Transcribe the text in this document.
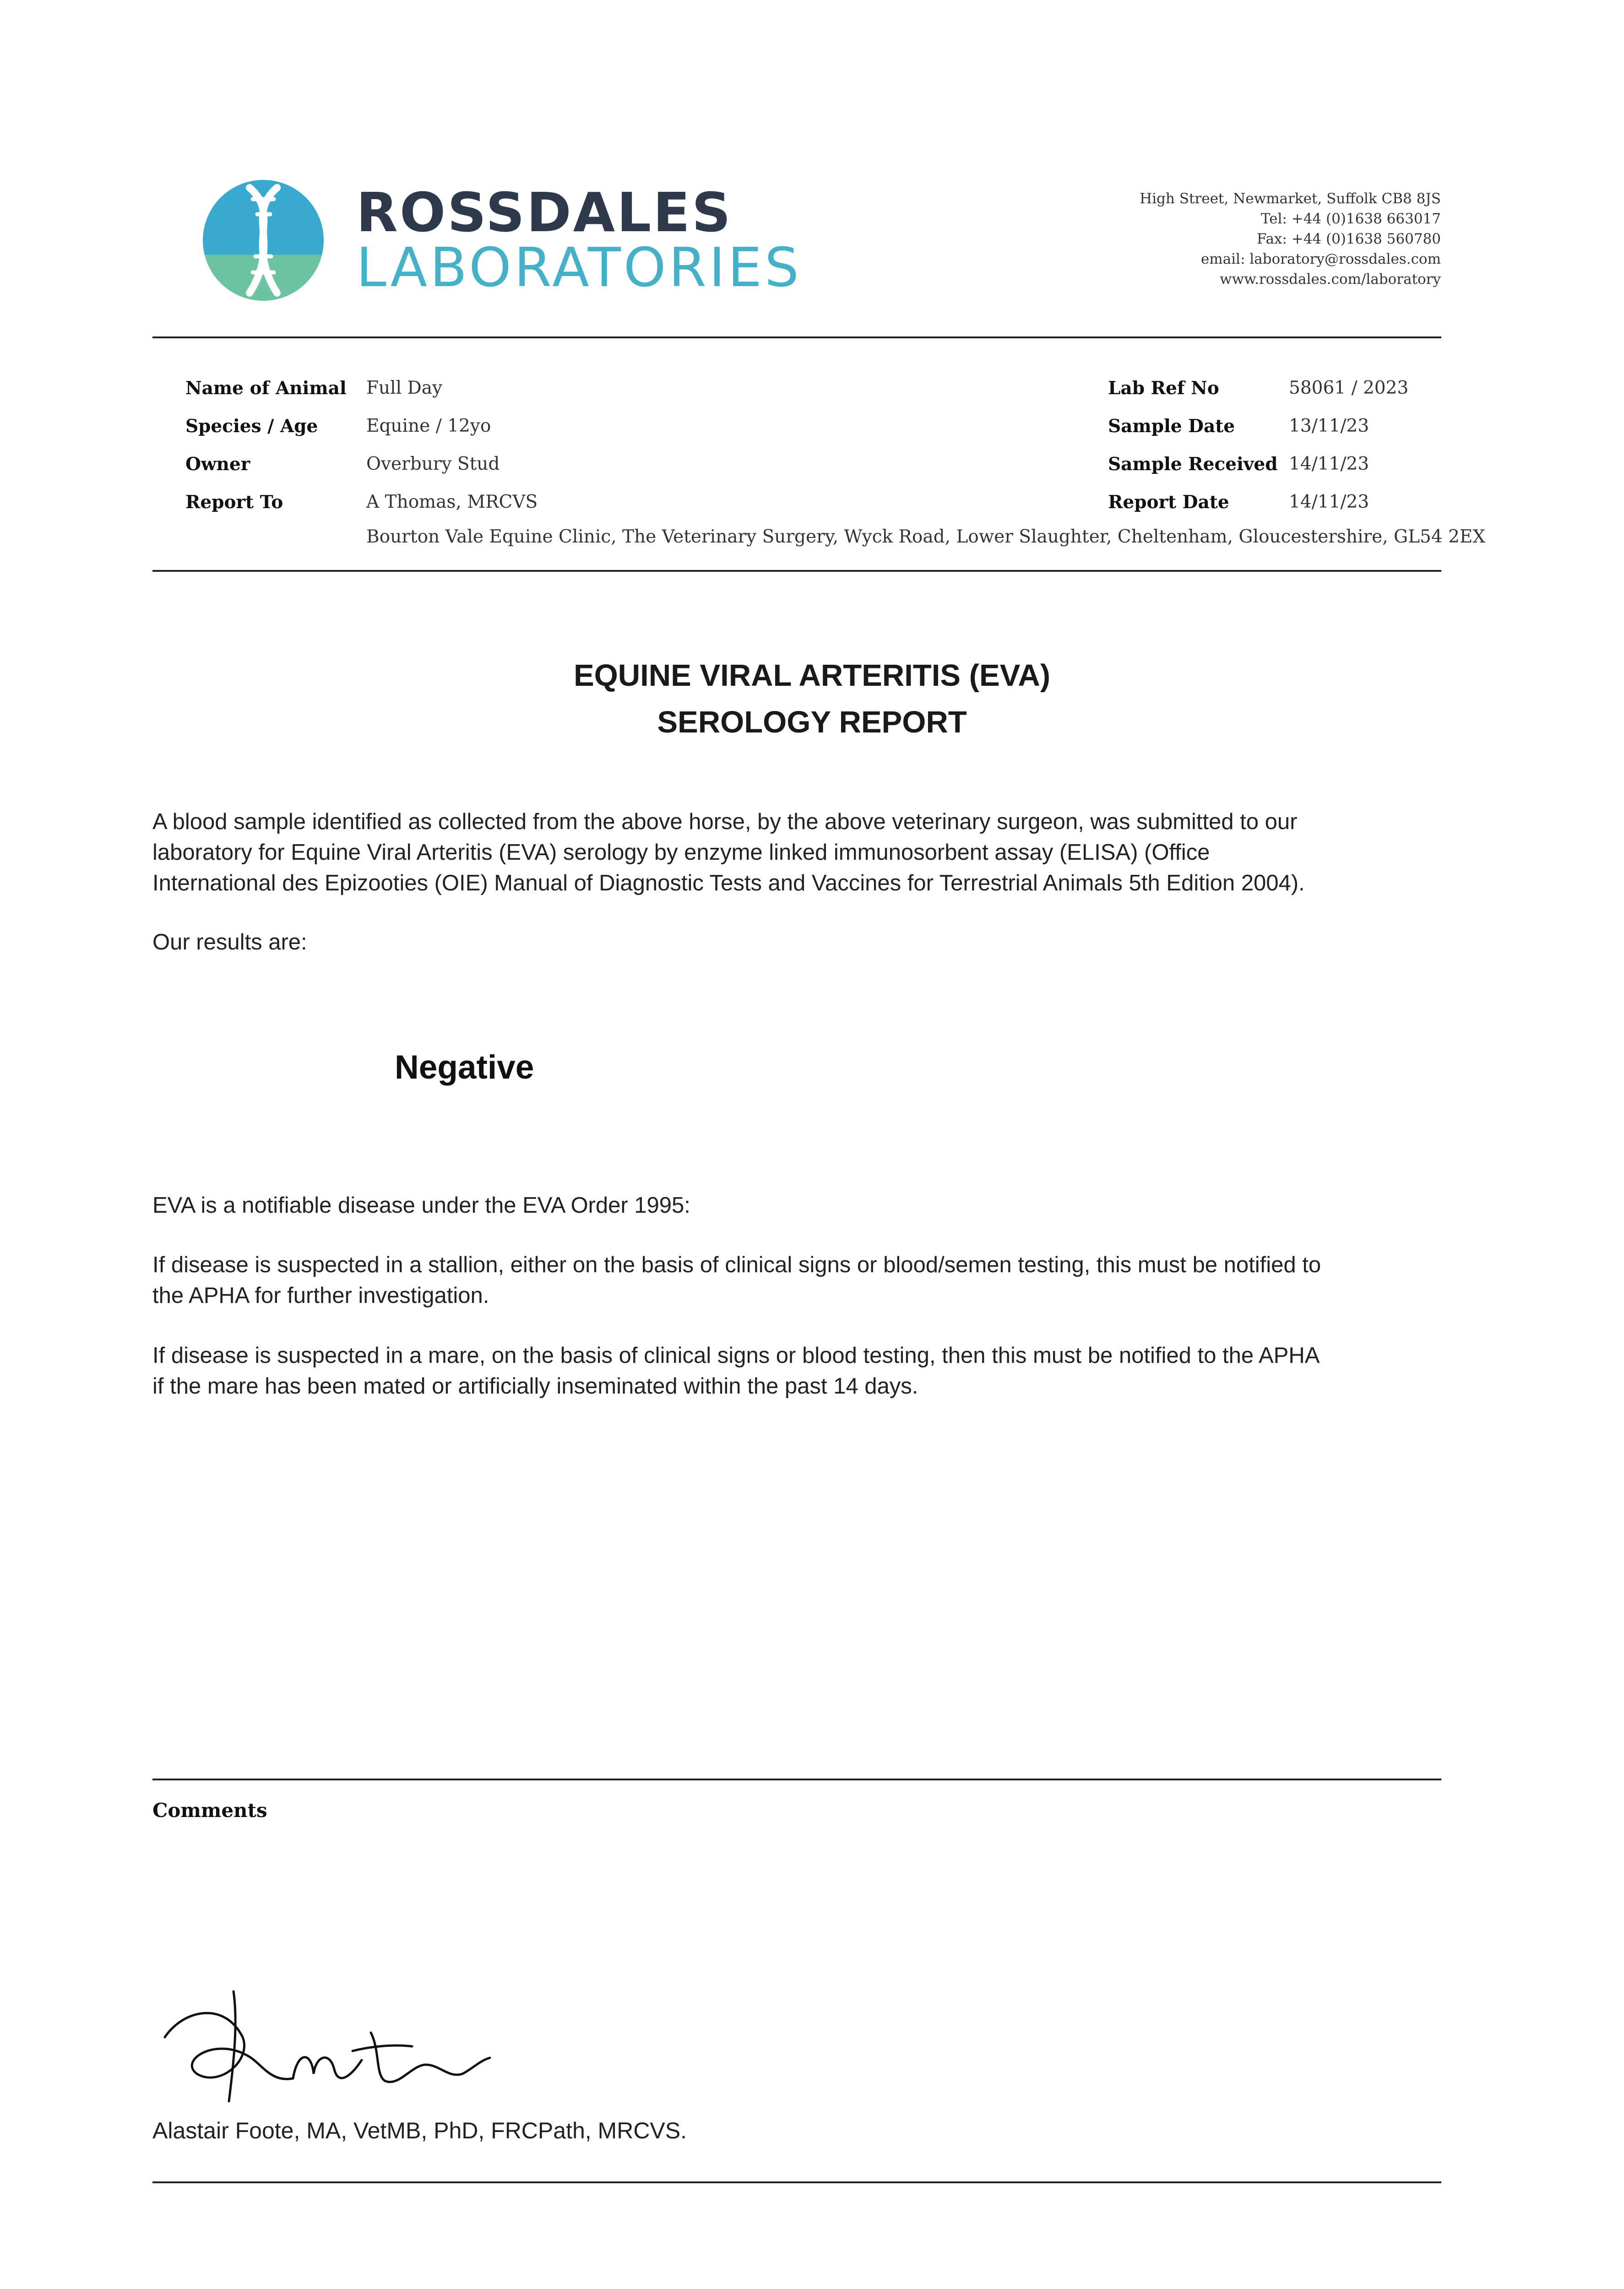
ROSSDALES
LABORATORIES
High Street, Newmarket, Suffolk CB8 8JS
Tel: +44 (0)1638 663017
Fax: +44 (0)1638 560780
email: laboratory@rossdales.com
www.rossdales.com/laboratory
Name of Animal Full Day
Species / Age	Equine / 12yo
Owner	Overbury Stud
Report To	A Thomas, MRCVS
Bourton Vale Equine Clinic, The Veterinary Surgery, Wyck Road, Lower Slaughter, Cheltenham, Gloucestershire, GL54 2EX
Lab Ref No	58061 / 2023
Sample Date	13/11/23
Sample Received 14/11/23
Report Date	14/11/23
EQUINE VIRAL ARTERITIS (EVA)
SEROLOGY REPORT
A blood sample identified as collected from the above horse, by the above veterinary surgeon, was submitted to our
laboratory for Equine Viral Arteritis (EVA) serology by enzyme linked immunosorbent assay (ELISA) (Office
International des Epizooties (OIE) Manual of Diagnostic Tests and Vaccines for Terrestrial Animals 5th Edition 2004).
Our results are:
Negative
EVA is a notifiable disease under the EVA Order 1995:
If disease is suspected in a stallion, either on the basis of clinical signs or blood/semen testing, this must be notified to
the APHA for further investigation.
If disease is suspected in a mare, on the basis of clinical signs or blood testing, then this must be notified to the APHA
if the mare has been mated or artificially inseminated within the past 14 days.
Comments
Alastair Foote, MA, VetMB, PhD, FRCPath, MRCVS.
